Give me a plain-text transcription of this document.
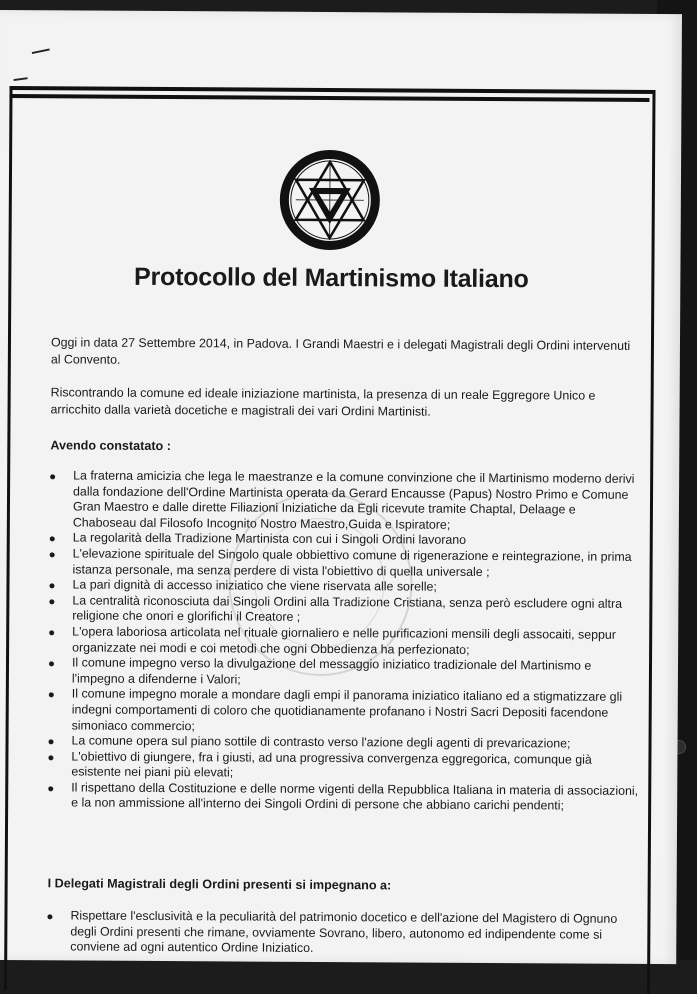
Protocollo del Martinismo Italiano
Oggi in data 27 Settembre 2014, in Padova. I Grandi Maestri e i delegati Magistrali degli Ordini intervenuti al Convento.
Riscontrando la comune ed ideale iniziazione martinista, la presenza di un reale Eggregore Unico e arricchito dalla varietà docetiche e magistrali dei vari Ordini Martinisti.
Avendo constatato :
La fraterna amicizia che lega le maestranze e la comune convinzione che il Martinismo moderno derivi dalla fondazione dell'Ordine Martinista operata da Gerard Encausse (Papus) Nostro Primo e Comune Gran Maestro e dalle dirette Filiazioni Iniziatiche da Egli ricevute tramite Chaptal, Delaage e Chaboseau dal Filosofo Incognito Nostro Maestro,Guida e Ispiratore;
La regolarità della Tradizione Martinista con cui i Singoli Ordini lavorano
L'elevazione spirituale del Singolo quale obbiettivo comune di rigenerazione e reintegrazione, in prima istanza personale, ma senza perdere di vista l'obiettivo di quella universale ;
La pari dignità di accesso iniziatico che viene riservata alle sorelle;
La centralità riconosciuta dai Singoli Ordini alla Tradizione Cristiana, senza però escludere ogni altra religione che onori e glorifichi il Creatore ;
L'opera laboriosa articolata nel rituale giornaliero e nelle purificazioni mensili degli assocaiti, seppur organizzate nei modi e coi metodi che ogni Obbedienza ha perfezionato;
Il comune impegno verso la divulgazione del messaggio iniziatico tradizionale del Martinismo e l'impegno a difenderne i Valori;
Il comune impegno morale a mondare dagli empi il panorama iniziatico italiano ed a stigmatizzare gli indegni comportamenti di coloro che quotidianamente profanano i Nostri Sacri Depositi facendone simoniaco commercio;
La comune opera sul piano sottile di contrasto verso l'azione degli agenti di prevaricazione;
L'obiettivo di giungere, fra i giusti, ad una progressiva convergenza eggregorica, comunque già esistente nei piani più elevati;
Il rispettano della Costituzione e delle norme vigenti della Repubblica Italiana in materia di associazioni, e la non ammissione all'interno dei Singoli Ordini di persone che abbiano carichi pendenti;
I Delegati Magistrali degli Ordini presenti si impegnano a:
Rispettare l'esclusività e la peculiarità del patrimonio docetico e dell'azione del Magistero di Ognuno degli Ordini presenti che rimane, ovviamente Sovrano, libero, autonomo ed indipendente come si conviene ad ogni autentico Ordine Iniziatico.
